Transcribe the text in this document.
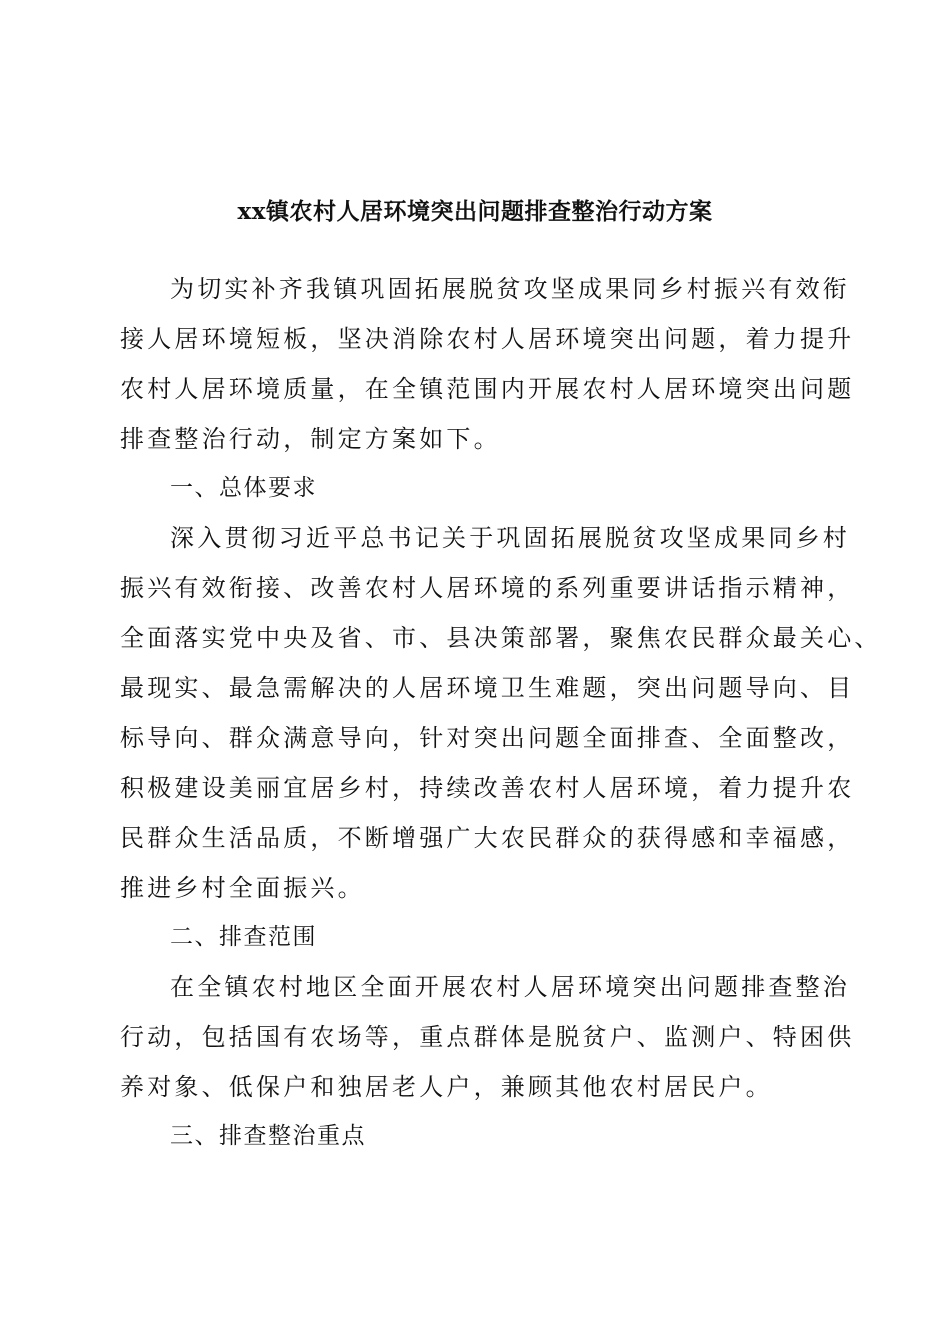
xx镇农村人居环境突出问题排查整治行动方案

为切实补齐我镇巩固拓展脱贫攻坚成果同乡村振兴有效衔
接人居环境短板，坚决消除农村人居环境突出问题，着力提升
农村人居环境质量，在全镇范围内开展农村人居环境突出问题
排查整治行动，制定方案如下。

一、总体要求

深入贯彻习近平总书记关于巩固拓展脱贫攻坚成果同乡村
振兴有效衔接、改善农村人居环境的系列重要讲话指示精神，
全面落实党中央及省、市、县决策部署，聚焦农民群众最关心、
最现实、最急需解决的人居环境卫生难题，突出问题导向、目
标导向、群众满意导向，针对突出问题全面排查、全面整改，
积极建设美丽宜居乡村，持续改善农村人居环境，着力提升农
民群众生活品质，不断增强广大农民群众的获得感和幸福感，
推进乡村全面振兴。

二、排查范围

在全镇农村地区全面开展农村人居环境突出问题排查整治
行动，包括国有农场等，重点群体是脱贫户、监测户、特困供
养对象、低保户和独居老人户，兼顾其他农村居民户。

三、排查整治重点
